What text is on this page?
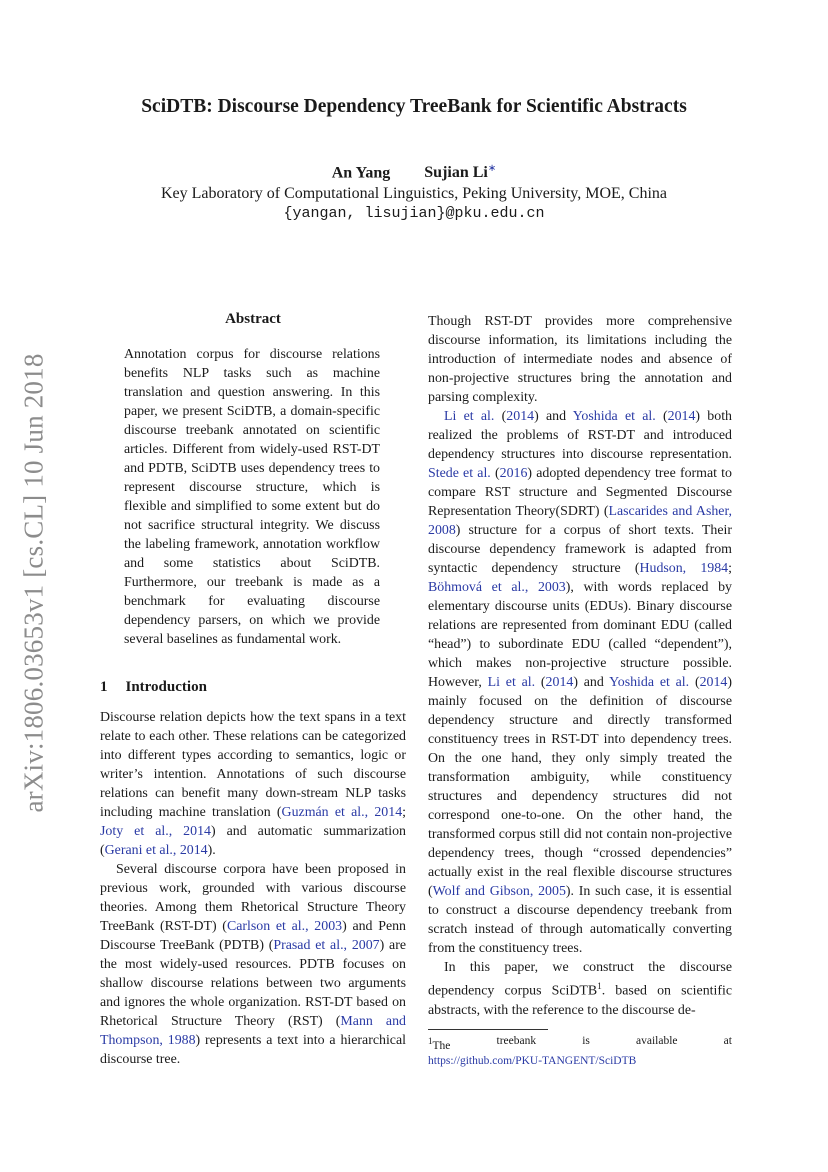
SciDTB: Discourse Dependency TreeBank for Scientific Abstracts
An Yang Sujian Li∗
Key Laboratory of Computational Linguistics, Peking University, MOE, China
{yangan, lisujian}@pku.edu.cn
arXiv:1806.03653v1 [cs.CL] 10 Jun 2018
Abstract
Annotation corpus for discourse relations benefits NLP tasks such as machine translation and question answering. In this paper, we present SciDTB, a domain-specific discourse treebank annotated on scientific articles. Different from widely-used RST-DT and PDTB, SciDTB uses dependency trees to represent discourse structure, which is flexible and simplified to some extent but do not sacrifice structural integrity. We discuss the labeling framework, annotation workflow and some statistics about SciDTB. Furthermore, our treebank is made as a benchmark for evaluating discourse dependency parsers, on which we provide several baselines as fundamental work.
1 Introduction

Discourse relation depicts how the text spans in a text relate to each other. These relations can be categorized into different types according to semantics, logic or writer’s intention. Annotations of such discourse relations can benefit many down-stream NLP tasks including machine translation (Guzmán et al., 2014; Joty et al., 2014) and automatic summarization (Gerani et al., 2014).

Several discourse corpora have been proposed in previous work, grounded with various discourse theories. Among them Rhetorical Structure Theory TreeBank (RST-DT) (Carlson et al., 2003) and Penn Discourse TreeBank (PDTB) (Prasad et al., 2007) are the most widely-used resources. PDTB focuses on shallow discourse relations between two arguments and ignores the whole organization. RST-DT based on Rhetorical Structure Theory (RST) (Mann and Thompson, 1988) represents a text into a hierarchical discourse tree.

Though RST-DT provides more comprehensive discourse information, its limitations including the introduction of intermediate nodes and absence of non-projective structures bring the annotation and parsing complexity.

Li et al. (2014) and Yoshida et al. (2014) both realized the problems of RST-DT and introduced dependency structures into discourse representation. Stede et al. (2016) adopted dependency tree format to compare RST structure and Segmented Discourse Representation Theory(SDRT) (Lascarides and Asher, 2008) structure for a corpus of short texts. Their discourse dependency framework is adapted from syntactic dependency structure (Hudson, 1984; Böhmová et al., 2003), with words replaced by elementary discourse units (EDUs). Binary discourse relations are represented from dominant EDU (called “head”) to subordinate EDU (called “dependent”), which makes non-projective structure possible. However, Li et al. (2014) and Yoshida et al. (2014) mainly focused on the definition of discourse dependency structure and directly transformed constituency trees in RST-DT into dependency trees. On the one hand, they only simply treated the transformation ambiguity, while constituency structures and dependency structures did not correspond one-to-one. On the other hand, the transformed corpus still did not contain non-projective dependency trees, though “crossed dependencies” actually exist in the real flexible discourse structures (Wolf and Gibson, 2005). In such case, it is essential to construct a discourse dependency treebank from scratch instead of through automatically converting from the constituency trees.

In this paper, we construct the discourse dependency corpus SciDTB$^1$. based on scientific abstracts, with the reference to the discourse de-

$^1$The	treebank	is	available	at
https://github.com/PKU-TANGENT/SciDTB
